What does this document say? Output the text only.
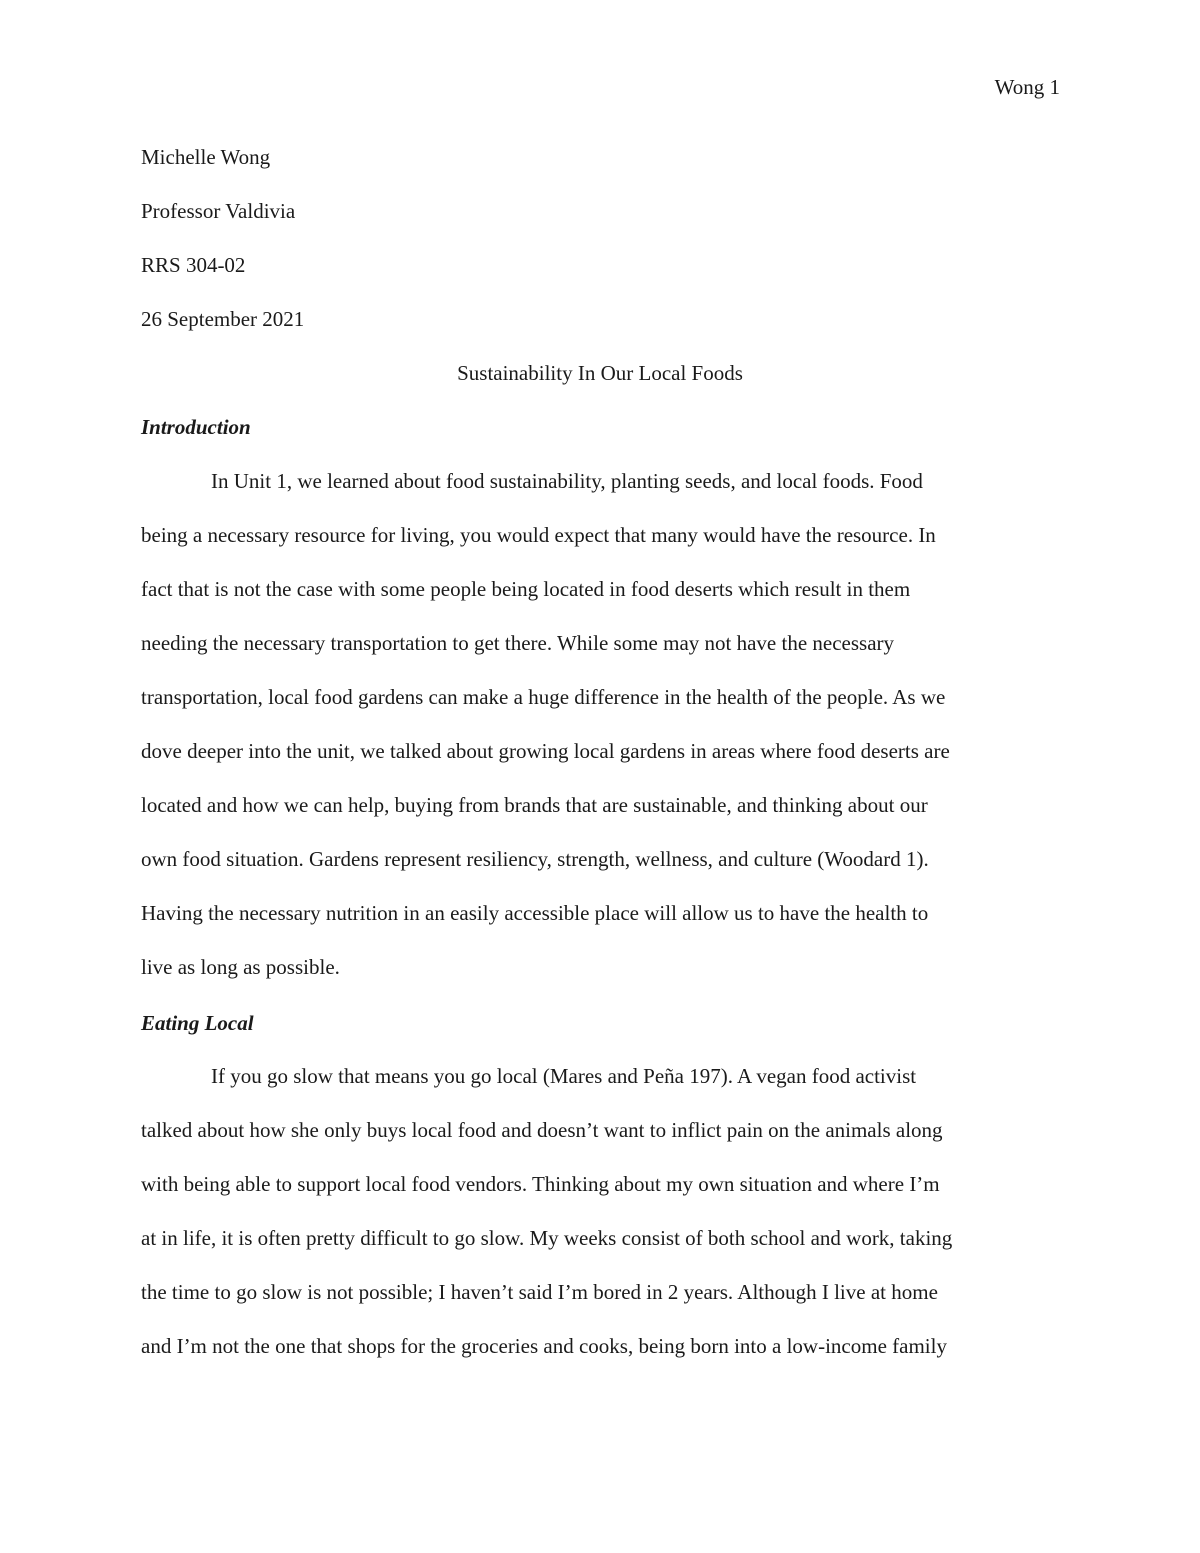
Wong 1
Michelle Wong
Professor Valdivia
RRS 304-02
26 September 2021
Sustainability In Our Local Foods
Introduction
In Unit 1, we learned about food sustainability, planting seeds, and local foods. Food
being a necessary resource for living, you would expect that many would have the resource. In
fact that is not the case with some people being located in food deserts which result in them
needing the necessary transportation to get there. While some may not have the necessary
transportation, local food gardens can make a huge difference in the health of the people. As we
dove deeper into the unit, we talked about growing local gardens in areas where food deserts are
located and how we can help, buying from brands that are sustainable, and thinking about our
own food situation. Gardens represent resiliency, strength, wellness, and culture (Woodard 1).
Having the necessary nutrition in an easily accessible place will allow us to have the health to
live as long as possible.
Eating Local
If you go slow that means you go local (Mares and Peña 197). A vegan food activist
talked about how she only buys local food and doesn’t want to inflict pain on the animals along
with being able to support local food vendors. Thinking about my own situation and where I’m
at in life, it is often pretty difficult to go slow. My weeks consist of both school and work, taking
the time to go slow is not possible; I haven’t said I’m bored in 2 years. Although I live at home
and I’m not the one that shops for the groceries and cooks, being born into a low-income family
